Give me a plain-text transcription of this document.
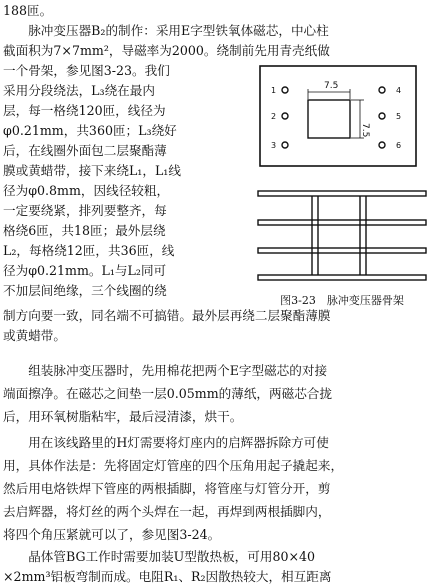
188匝。
　　脉冲变压器B₂的制作：采用E字型铁氧体磁芯，中心柱
截面积为7×7mm²，导磁率为2000。绕制前先用青壳纸做
一个骨架，参见图3-23。我们
采用分段绕法，L₃绕在最内
层，每一格绕120匝，线径为
φ0.21mm，共360匝；L₃绕好
后，在线圈外面包二层聚酯薄
膜或黄蜡带，接下来绕L₁，L₁线
径为φ0.8mm，因线径较粗，
一定要绕紧，排列要整齐，每
格绕6匝，共18匝；最外层绕
L₂，每格绕12匝，共36匝，线
径为φ0.21mm。L₁与L₂同可
不加层间绝缘，三个线圈的绕
制方向要一致，同名端不可搞错。最外层再绕二层聚酯薄膜
或黄蜡带。
　　组装脉冲变压器时，先用棉花把两个E字型磁芯的对接
端面擦净。在磁芯之间垫一层0.05mm的薄纸，两磁芯合拢
后，用环氧树脂粘牢，最后浸清漆，烘干。
　　用在该线路里的H灯需要将灯座内的启辉器拆除方可使
用，具体作法是：先将固定灯管座的四个压角用起子撬起来，
然后用电烙铁焊下管座的两根插脚，将管座与灯管分开，剪
去启辉器，将灯丝的两个头焊在一起，再焊到两根插脚内，
将四个角压紧就可以了，参见图3-24。
　　晶体管BG工作时需要加装U型散热板，可用80×40
×2mm³铝板弯制而成。电阻R₁、R₂因散热较大，相互距离
7.5
7.5
1
2
3
4
5
6
图3-23　脉冲变压器骨架
